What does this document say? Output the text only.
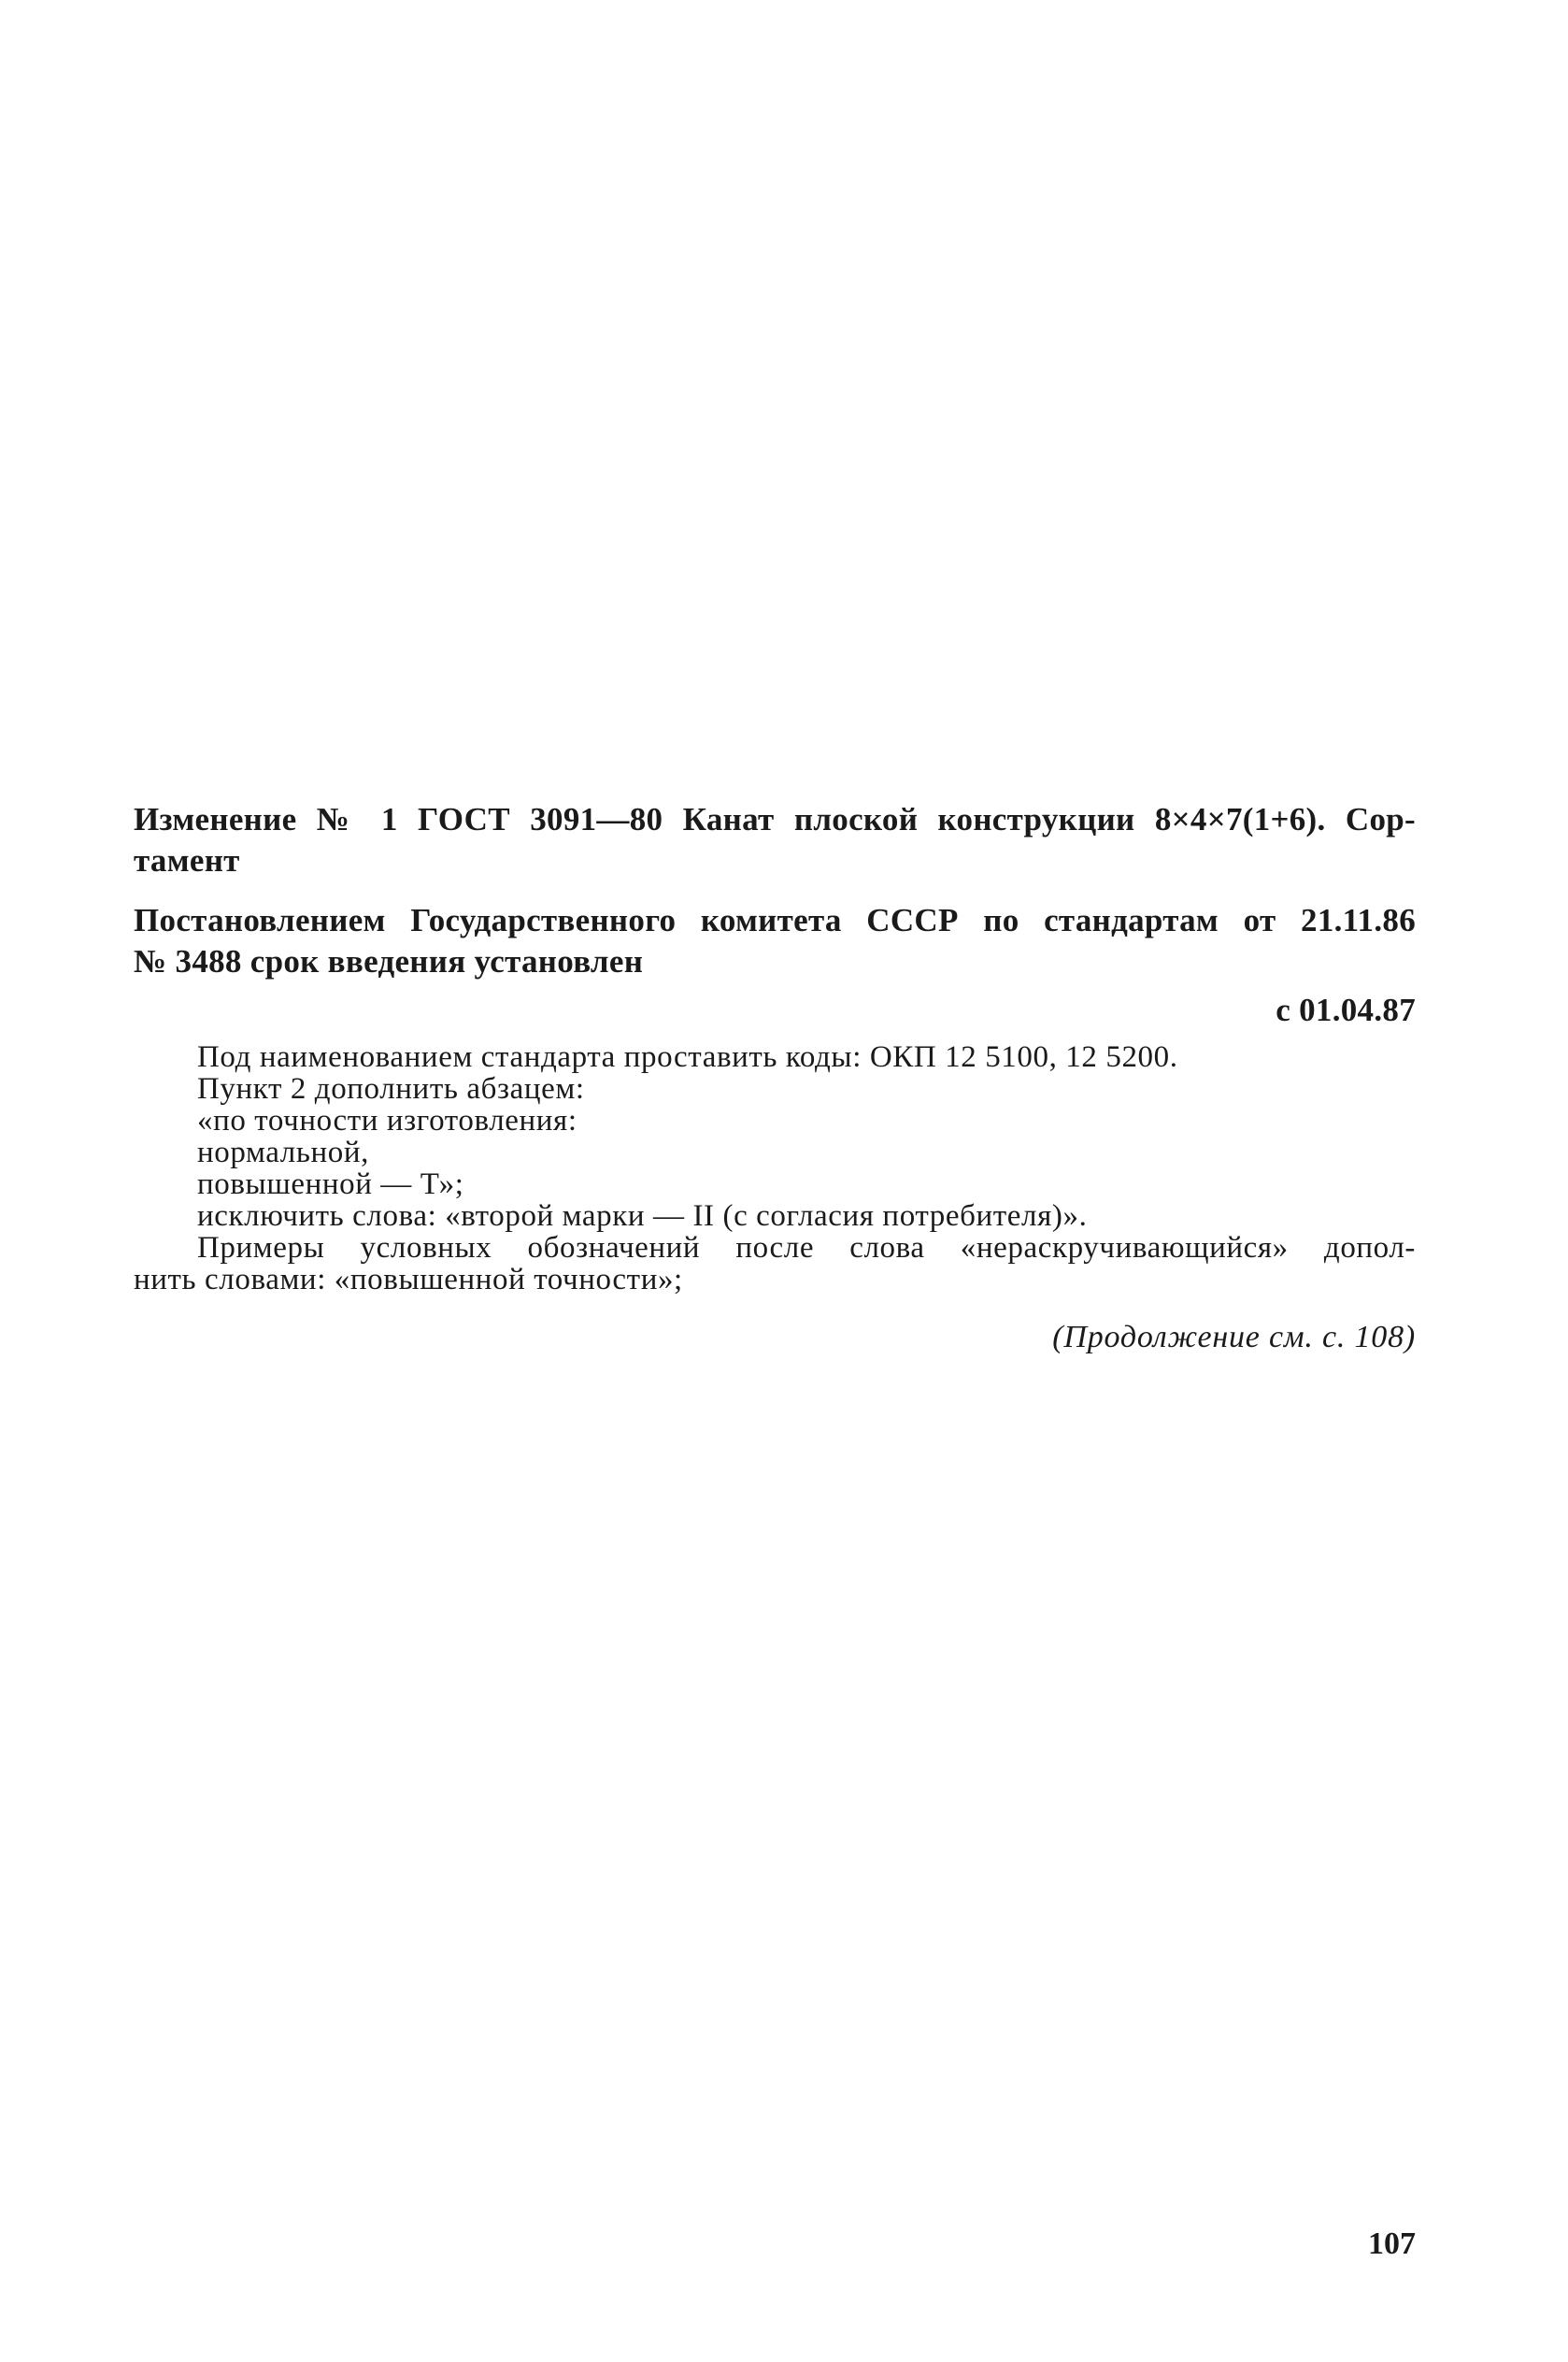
Изменение № 1 ГОСТ 3091—80 Канат плоской конструкции 8×4×7(1+6). Сор-
тамент
Постановлением Государственного комитета СССР по стандартам от 21.11.86
№ 3488 срок введения установлен
с 01.04.87
Под наименованием стандарта проставить коды: ОКП 12 5100, 12 5200.
Пункт 2 дополнить абзацем:
«по точности изготовления:
нормальной,
повышенной — Т»;
исключить слова: «второй марки — II (с согласия потребителя)».
Примеры условных обозначений после слова «нераскручивающийся» допол-
нить словами: «повышенной точности»;
(Продолжение см. с. 108)
107
